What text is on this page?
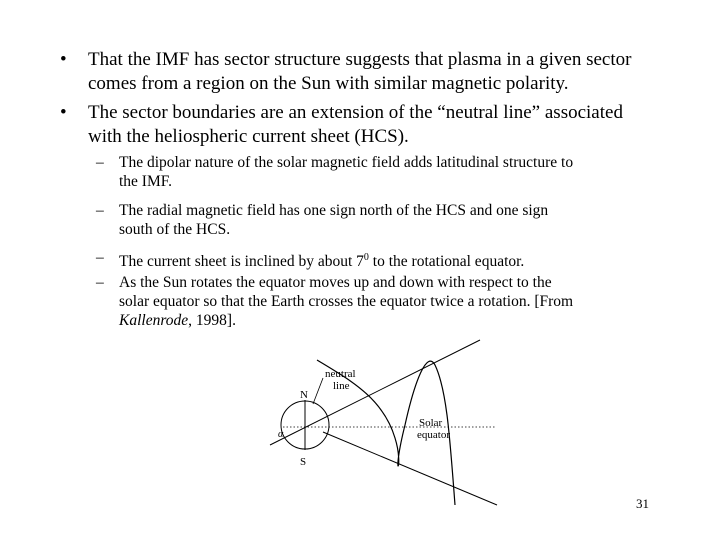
• That the IMF has sector structure suggests that plasma in a given sector
comes from a region on the Sun with similar magnetic polarity.
• The sector boundaries are an extension of the “neutral line” associated
with the heliospheric current sheet (HCS).
– The dipolar nature of the solar magnetic field adds latitudinal structure to
the IMF.
– The radial magnetic field has one sign north of the HCS and one sign
south of the HCS.
– The current sheet is inclined by about $7^0$ to the rotational equator.
– As the Sun rotates the equator moves up and down with respect to the
solar equator so that the Earth crosses the equator twice a rotation. [From
Kallenrode, 1998].
N
S
α
neutral
line
Solar
equator
31
